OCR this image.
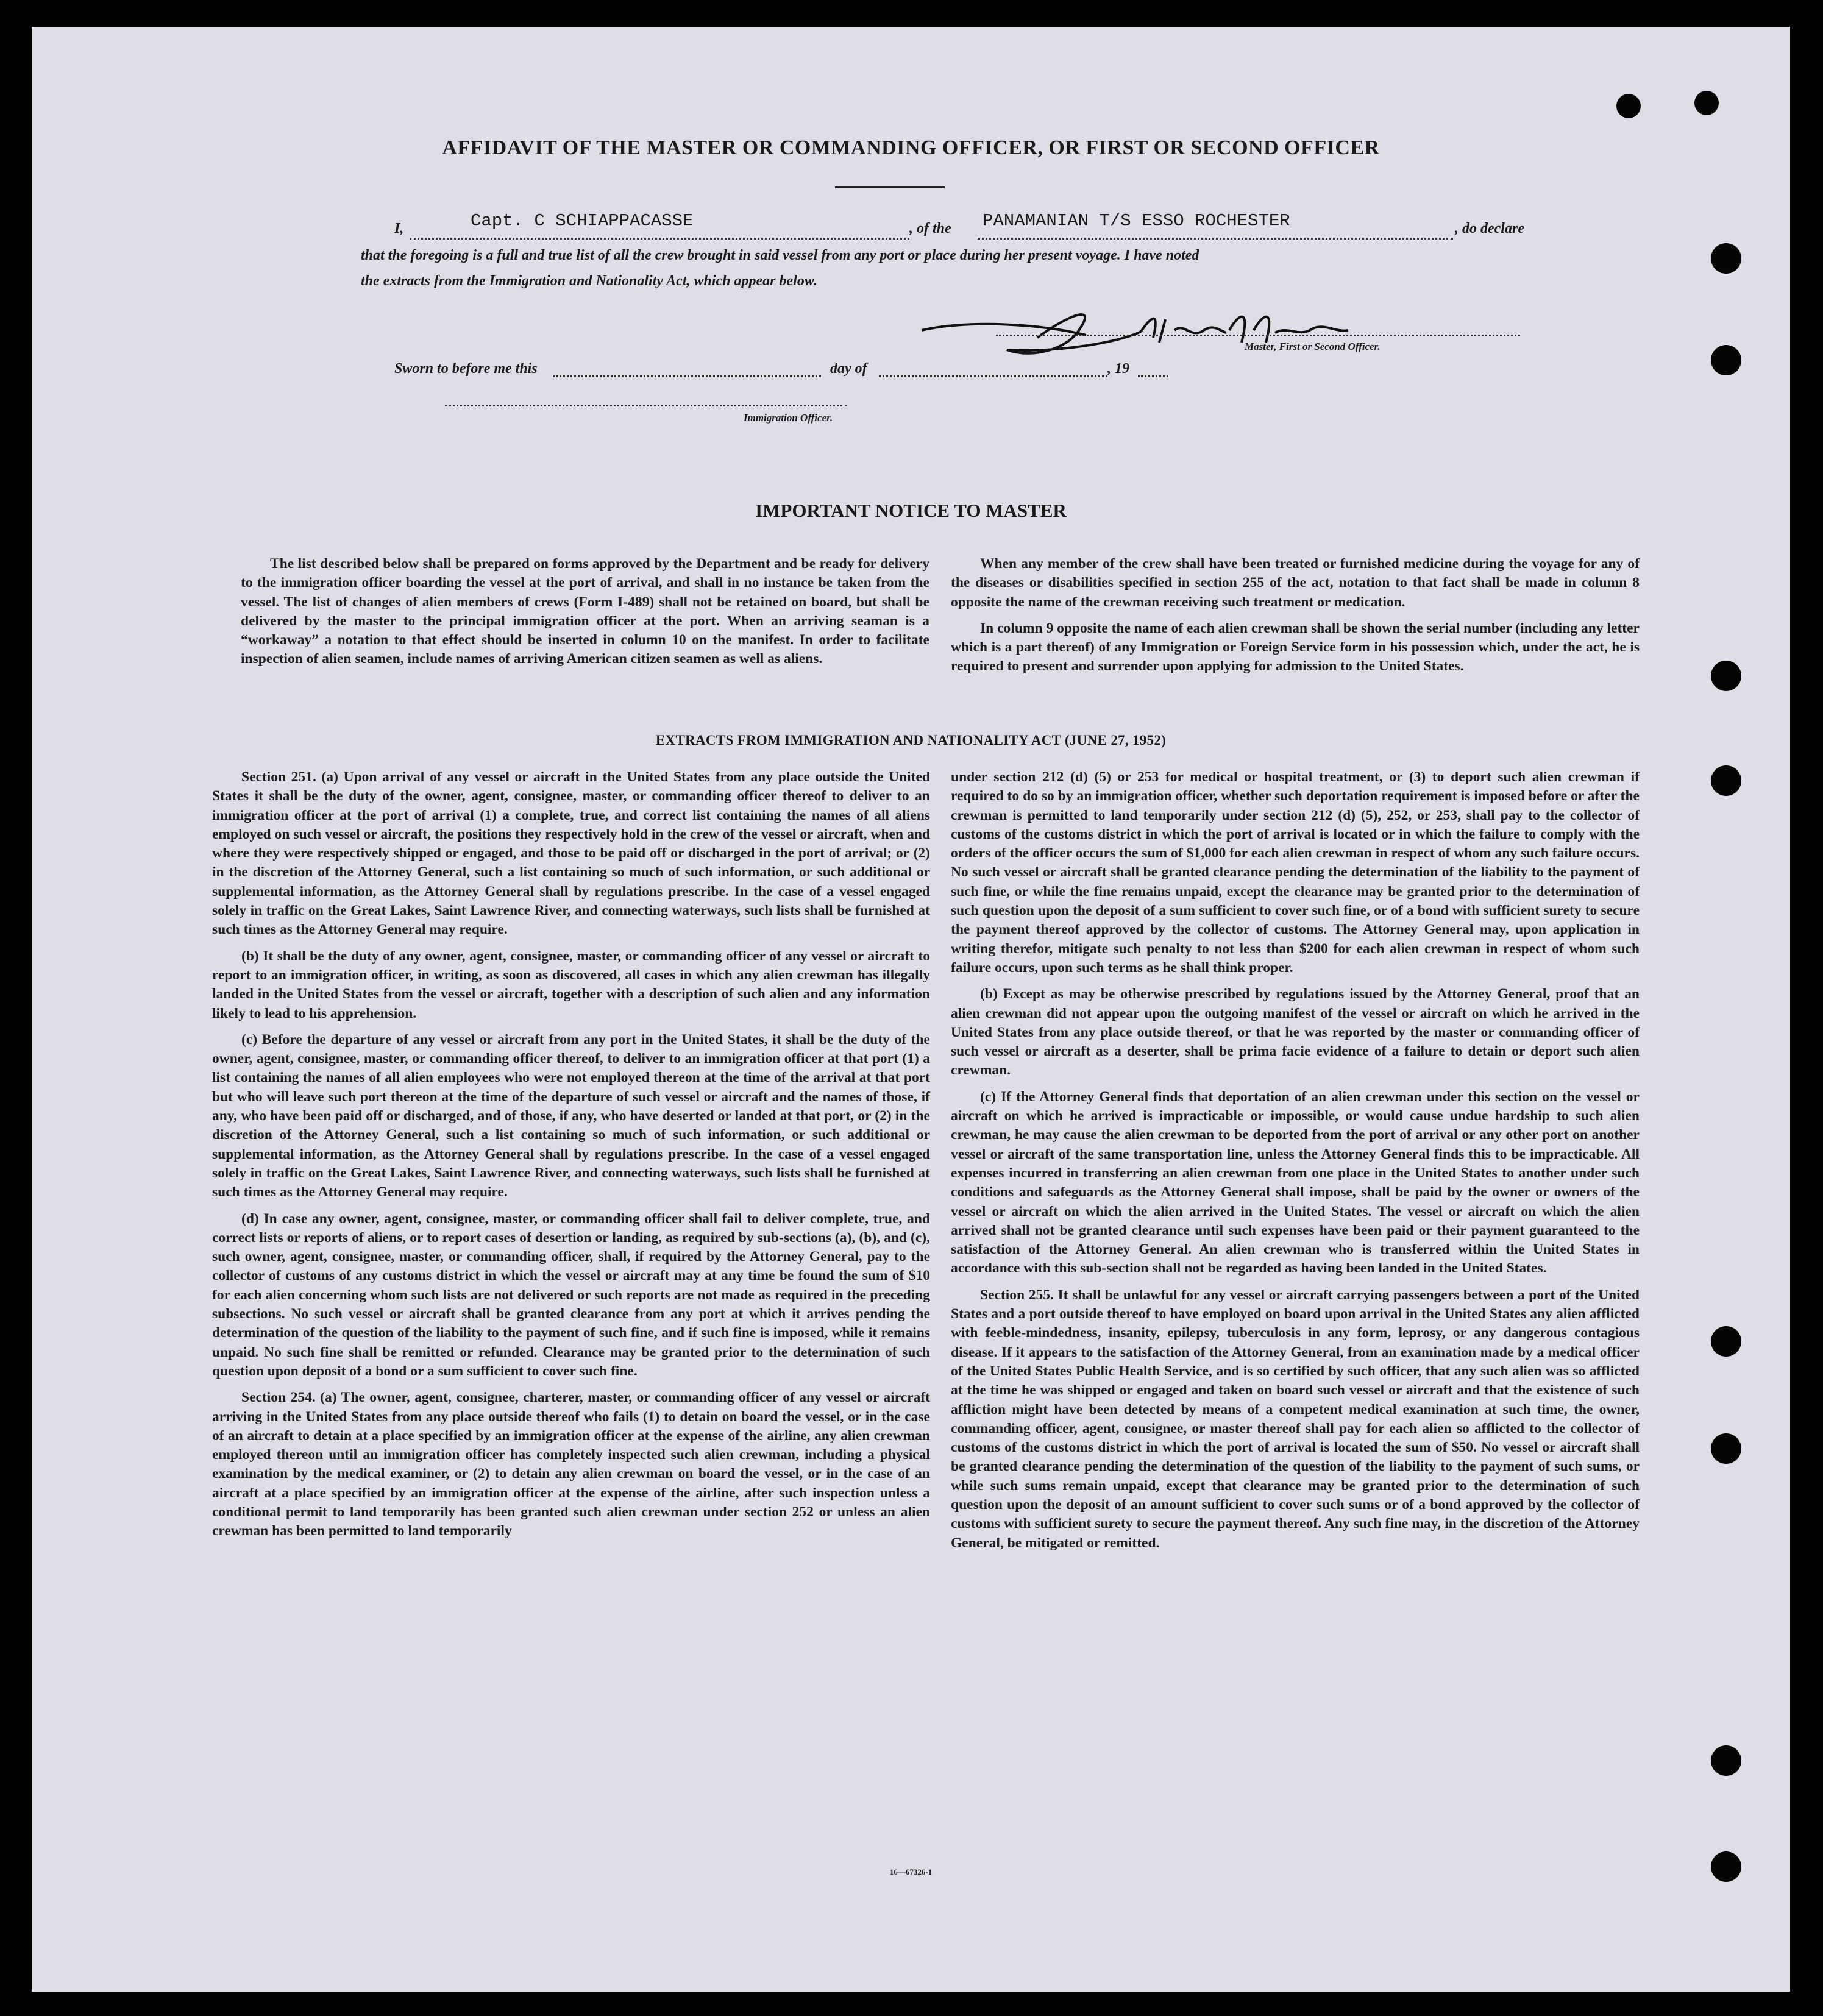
AFFIDAVIT OF THE MASTER OR COMMANDING OFFICER, OR FIRST OR SECOND OFFICER
I,	Capt. C SCHIAPPACASSE	, of the PANAMANIAN T/S ESSO ROCHESTER	, do declare
that the foregoing is a full and true list of all the crew brought in said vessel from any port or place during her present voyage. I have noted
the extracts from the Immigration and Nationality Act, which appear below.
Master, First or Second Officer.
Sworn to before me this	day of	, 19
Immigration Officer.
IMPORTANT NOTICE TO MASTER

The list described below shall be prepared on forms approved by the Department and be ready for delivery to the immigration officer boarding the vessel at the port of arrival, and shall in no instance be taken from the vessel. The list of changes of alien members of crews (Form I-489) shall not be retained on board, but shall be delivered by the master to the principal immigration officer at the port. When an arriving seaman is a “workaway” a notation to that effect should be inserted in column 10 on the manifest. In order to facilitate inspection of alien seamen, include names of arriving American citizen seamen as well as aliens.

When any member of the crew shall have been treated or furnished medicine during the voyage for any of the diseases or disabilities specified in section 255 of the act, notation to that fact shall be made in column 8 opposite the name of the crewman receiving such treatment or medication.

In column 9 opposite the name of each alien crewman shall be shown the serial number (including any letter which is a part thereof) of any Immigration or Foreign Service form in his possession which, under the act, he is required to present and surrender upon applying for admission to the United States.

EXTRACTS FROM IMMIGRATION AND NATIONALITY ACT (JUNE 27, 1952)

Section 251. (a) Upon arrival of any vessel or aircraft in the United States from any place outside the United States it shall be the duty of the owner, agent, consignee, master, or commanding officer thereof to deliver to an immigration officer at the port of arrival (1) a complete, true, and correct list containing the names of all aliens employed on such vessel or aircraft, the positions they respectively hold in the crew of the vessel or aircraft, when and where they were respectively shipped or engaged, and those to be paid off or discharged in the port of arrival; or (2) in the discretion of the Attorney General, such a list containing so much of such information, or such additional or supplemental information, as the Attorney General shall by regulations prescribe. In the case of a vessel engaged solely in traffic on the Great Lakes, Saint Lawrence River, and connecting waterways, such lists shall be furnished at such times as the Attorney General may require.

(b) It shall be the duty of any owner, agent, consignee, master, or commanding officer of any vessel or aircraft to report to an immigration officer, in writing, as soon as discovered, all cases in which any alien crewman has illegally landed in the United States from the vessel or aircraft, together with a description of such alien and any information likely to lead to his apprehension.

(c) Before the departure of any vessel or aircraft from any port in the United States, it shall be the duty of the owner, agent, consignee, master, or commanding officer thereof, to deliver to an immigration officer at that port (1) a list containing the names of all alien employees who were not employed thereon at the time of the arrival at that port but who will leave such port thereon at the time of the departure of such vessel or aircraft and the names of those, if any, who have been paid off or discharged, and of those, if any, who have deserted or landed at that port, or (2) in the discretion of the Attorney General, such a list containing so much of such information, or such additional or supplemental information, as the Attorney General shall by regulations prescribe. In the case of a vessel engaged solely in traffic on the Great Lakes, Saint Lawrence River, and connecting waterways, such lists shall be furnished at such times as the Attorney General may require.

(d) In case any owner, agent, consignee, master, or commanding officer shall fail to deliver complete, true, and correct lists or reports of aliens, or to report cases of desertion or landing, as required by sub-sections (a), (b), and (c), such owner, agent, consignee, master, or commanding officer, shall, if required by the Attorney General, pay to the collector of customs of any customs district in which the vessel or aircraft may at any time be found the sum of $10 for each alien concerning whom such lists are not delivered or such reports are not made as required in the preceding subsections. No such vessel or aircraft shall be granted clearance from any port at which it arrives pending the determination of the question of the liability to the payment of such fine, and if such fine is imposed, while it remains unpaid. No such fine shall be remitted or refunded. Clearance may be granted prior to the determination of such question upon deposit of a bond or a sum sufficient to cover such fine.

Section 254. (a) The owner, agent, consignee, charterer, master, or commanding officer of any vessel or aircraft arriving in the United States from any place outside thereof who fails (1) to detain on board the vessel, or in the case of an aircraft to detain at a place specified by an immigration officer at the expense of the airline, any alien crewman employed thereon until an immigration officer has completely inspected such alien crewman, including a physical examination by the medical examiner, or (2) to detain any alien crewman on board the vessel, or in the case of an aircraft at a place specified by an immigration officer at the expense of the airline, after such inspection unless a conditional permit to land temporarily has been granted such alien crewman under section 252 or unless an alien crewman has been permitted to land temporarily

under section 212 (d) (5) or 253 for medical or hospital treatment, or (3) to deport such alien crewman if required to do so by an immigration officer, whether such deportation requirement is imposed before or after the crewman is permitted to land temporarily under section 212 (d) (5), 252, or 253, shall pay to the collector of customs of the customs district in which the port of arrival is located or in which the failure to comply with the orders of the officer occurs the sum of $1,000 for each alien crewman in respect of whom any such failure occurs. No such vessel or aircraft shall be granted clearance pending the determination of the liability to the payment of such fine, or while the fine remains unpaid, except the clearance may be granted prior to the determination of such question upon the deposit of a sum sufficient to cover such fine, or of a bond with sufficient surety to secure the payment thereof approved by the collector of customs. The Attorney General may, upon application in writing therefor, mitigate such penalty to not less than $200 for each alien crewman in respect of whom such failure occurs, upon such terms as he shall think proper.

(b) Except as may be otherwise prescribed by regulations issued by the Attorney General, proof that an alien crewman did not appear upon the outgoing manifest of the vessel or aircraft on which he arrived in the United States from any place outside thereof, or that he was reported by the master or commanding officer of such vessel or aircraft as a deserter, shall be prima facie evidence of a failure to detain or deport such alien crewman.

(c) If the Attorney General finds that deportation of an alien crewman under this section on the vessel or aircraft on which he arrived is impracticable or impossible, or would cause undue hardship to such alien crewman, he may cause the alien crewman to be deported from the port of arrival or any other port on another vessel or aircraft of the same transportation line, unless the Attorney General finds this to be impracticable. All expenses incurred in transferring an alien crewman from one place in the United States to another under such conditions and safeguards as the Attorney General shall impose, shall be paid by the owner or owners of the vessel or aircraft on which the alien arrived in the United States. The vessel or aircraft on which the alien arrived shall not be granted clearance until such expenses have been paid or their payment guaranteed to the satisfaction of the Attorney General. An alien crewman who is transferred within the United States in accordance with this sub-section shall not be regarded as having been landed in the United States.

Section 255. It shall be unlawful for any vessel or aircraft carrying passengers between a port of the United States and a port outside thereof to have employed on board upon arrival in the United States any alien afflicted with feeble-mindedness, insanity, epilepsy, tuberculosis in any form, leprosy, or any dangerous contagious disease. If it appears to the satisfaction of the Attorney General, from an examination made by a medical officer of the United States Public Health Service, and is so certified by such officer, that any such alien was so afflicted at the time he was shipped or engaged and taken on board such vessel or aircraft and that the existence of such affliction might have been detected by means of a competent medical examination at such time, the owner, commanding officer, agent, consignee, or master thereof shall pay for each alien so afflicted to the collector of customs of the customs district in which the port of arrival is located the sum of $50. No vessel or aircraft shall be granted clearance pending the determination of the question of the liability to the payment of such sums, or while such sums remain unpaid, except that clearance may be granted prior to the determination of such question upon the deposit of an amount sufficient to cover such sums or of a bond approved by the collector of customs with sufficient surety to secure the payment thereof. Any such fine may, in the discretion of the Attorney General, be mitigated or remitted.

16—67326-1
